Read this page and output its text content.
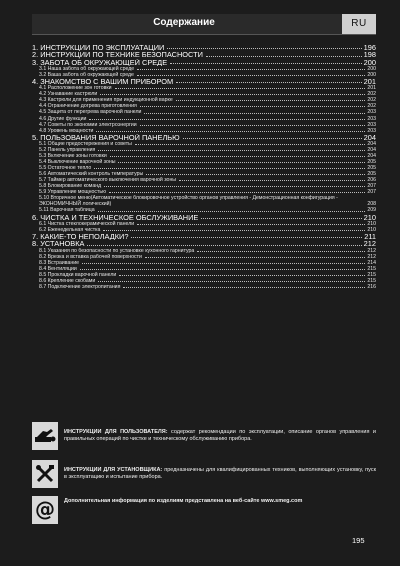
Содержание	RU
1. ИНСТРУКЦИИ ПО ЭКСПЛУАТАЦИИ	196
2. ИНСТРУКЦИИ ПО ТЕХНИКЕ БЕЗОПАСНОСТИ	198
3. ЗАБОТА ОБ ОКРУЖАЮЩЕЙ СРЕДЕ	200
3.1 Наша забота об окружающей среде	200
3.2 Ваша забота об окружающей среде	200
4. ЗНАКОМСТВО С ВАШИМ ПРИБОРОМ	201
4.1 Расположение зон готовки	201
4.2 Узнавание кастрюли	202
4.3 Кастрюли для применения при индукционной варке	202
4.4 Ограничение догрева приготовления	202
4.5 Защита от перегрева варочной панели	203
4.6 Другие функции	203
4.7 Советы по экономии электроэнергии	203
4.8 Уровень мощности	203
5. ПОЛЬЗОВАНИЯ ВАРОЧНОЙ ПАНЕЛЬЮ	204
5.1 Общие предостережения и советы	204
5.2 Панель управления	204
5.3 Включение зоны готовки	204
5.4 Выключение варочной зоны	205
5.5 Остаточное тепло	205
5.6 Автоматический контроль температуры	205
5.7 Таймер автоматического выключения варочной зоны	206
5.8 Блокирование команд	207
5.9 Управление мощностью	207
5.10 Вторичное меню(Автоматическое блокировочное устройство органов управления - Демонстрационная конфигурация - ЭКОНОМИЧНЫЙ логический)	208
5.11 Варочная таблица	209
6. ЧИСТКА И ТЕХНИЧЕСКОЕ ОБСЛУЖИВАНИЕ	210
6.1 Чистка стеклокерамической панели	210
6.2 Еженедельная чистка	210
7. КАКИЕ-ТО НЕПОЛАДКИ?	211
8. УСТАНОВКА	212
8.1 Указания по безопасности по установке кухонного гарнитура	212
8.2 Врезка и вставка рабочей поверхности	212
8.3 Встраивание	214
8.4 Вентиляции	215
8.5 Прокладки варочной панели	215
8.6 Крепление скобами	215
8.7 Подключение электропитания	216
ИНСТРУКЦИИ ДЛЯ ПОЛЬЗОВАТЕЛЯ: содержат рекомендации по эксплуатации, описание органов управления и правильных операций по чистке и техническому обслуживанию прибора.
ИНСТРУКЦИИ ДЛЯ УСТАНОВЩИКА: предназначены для квалифицированных техников, выполняющих установку, пуск в эксплуатацию и испытание прибора.
@ Дополнительная информация по изделиям представлена на веб-сайте www.smeg.com
195
